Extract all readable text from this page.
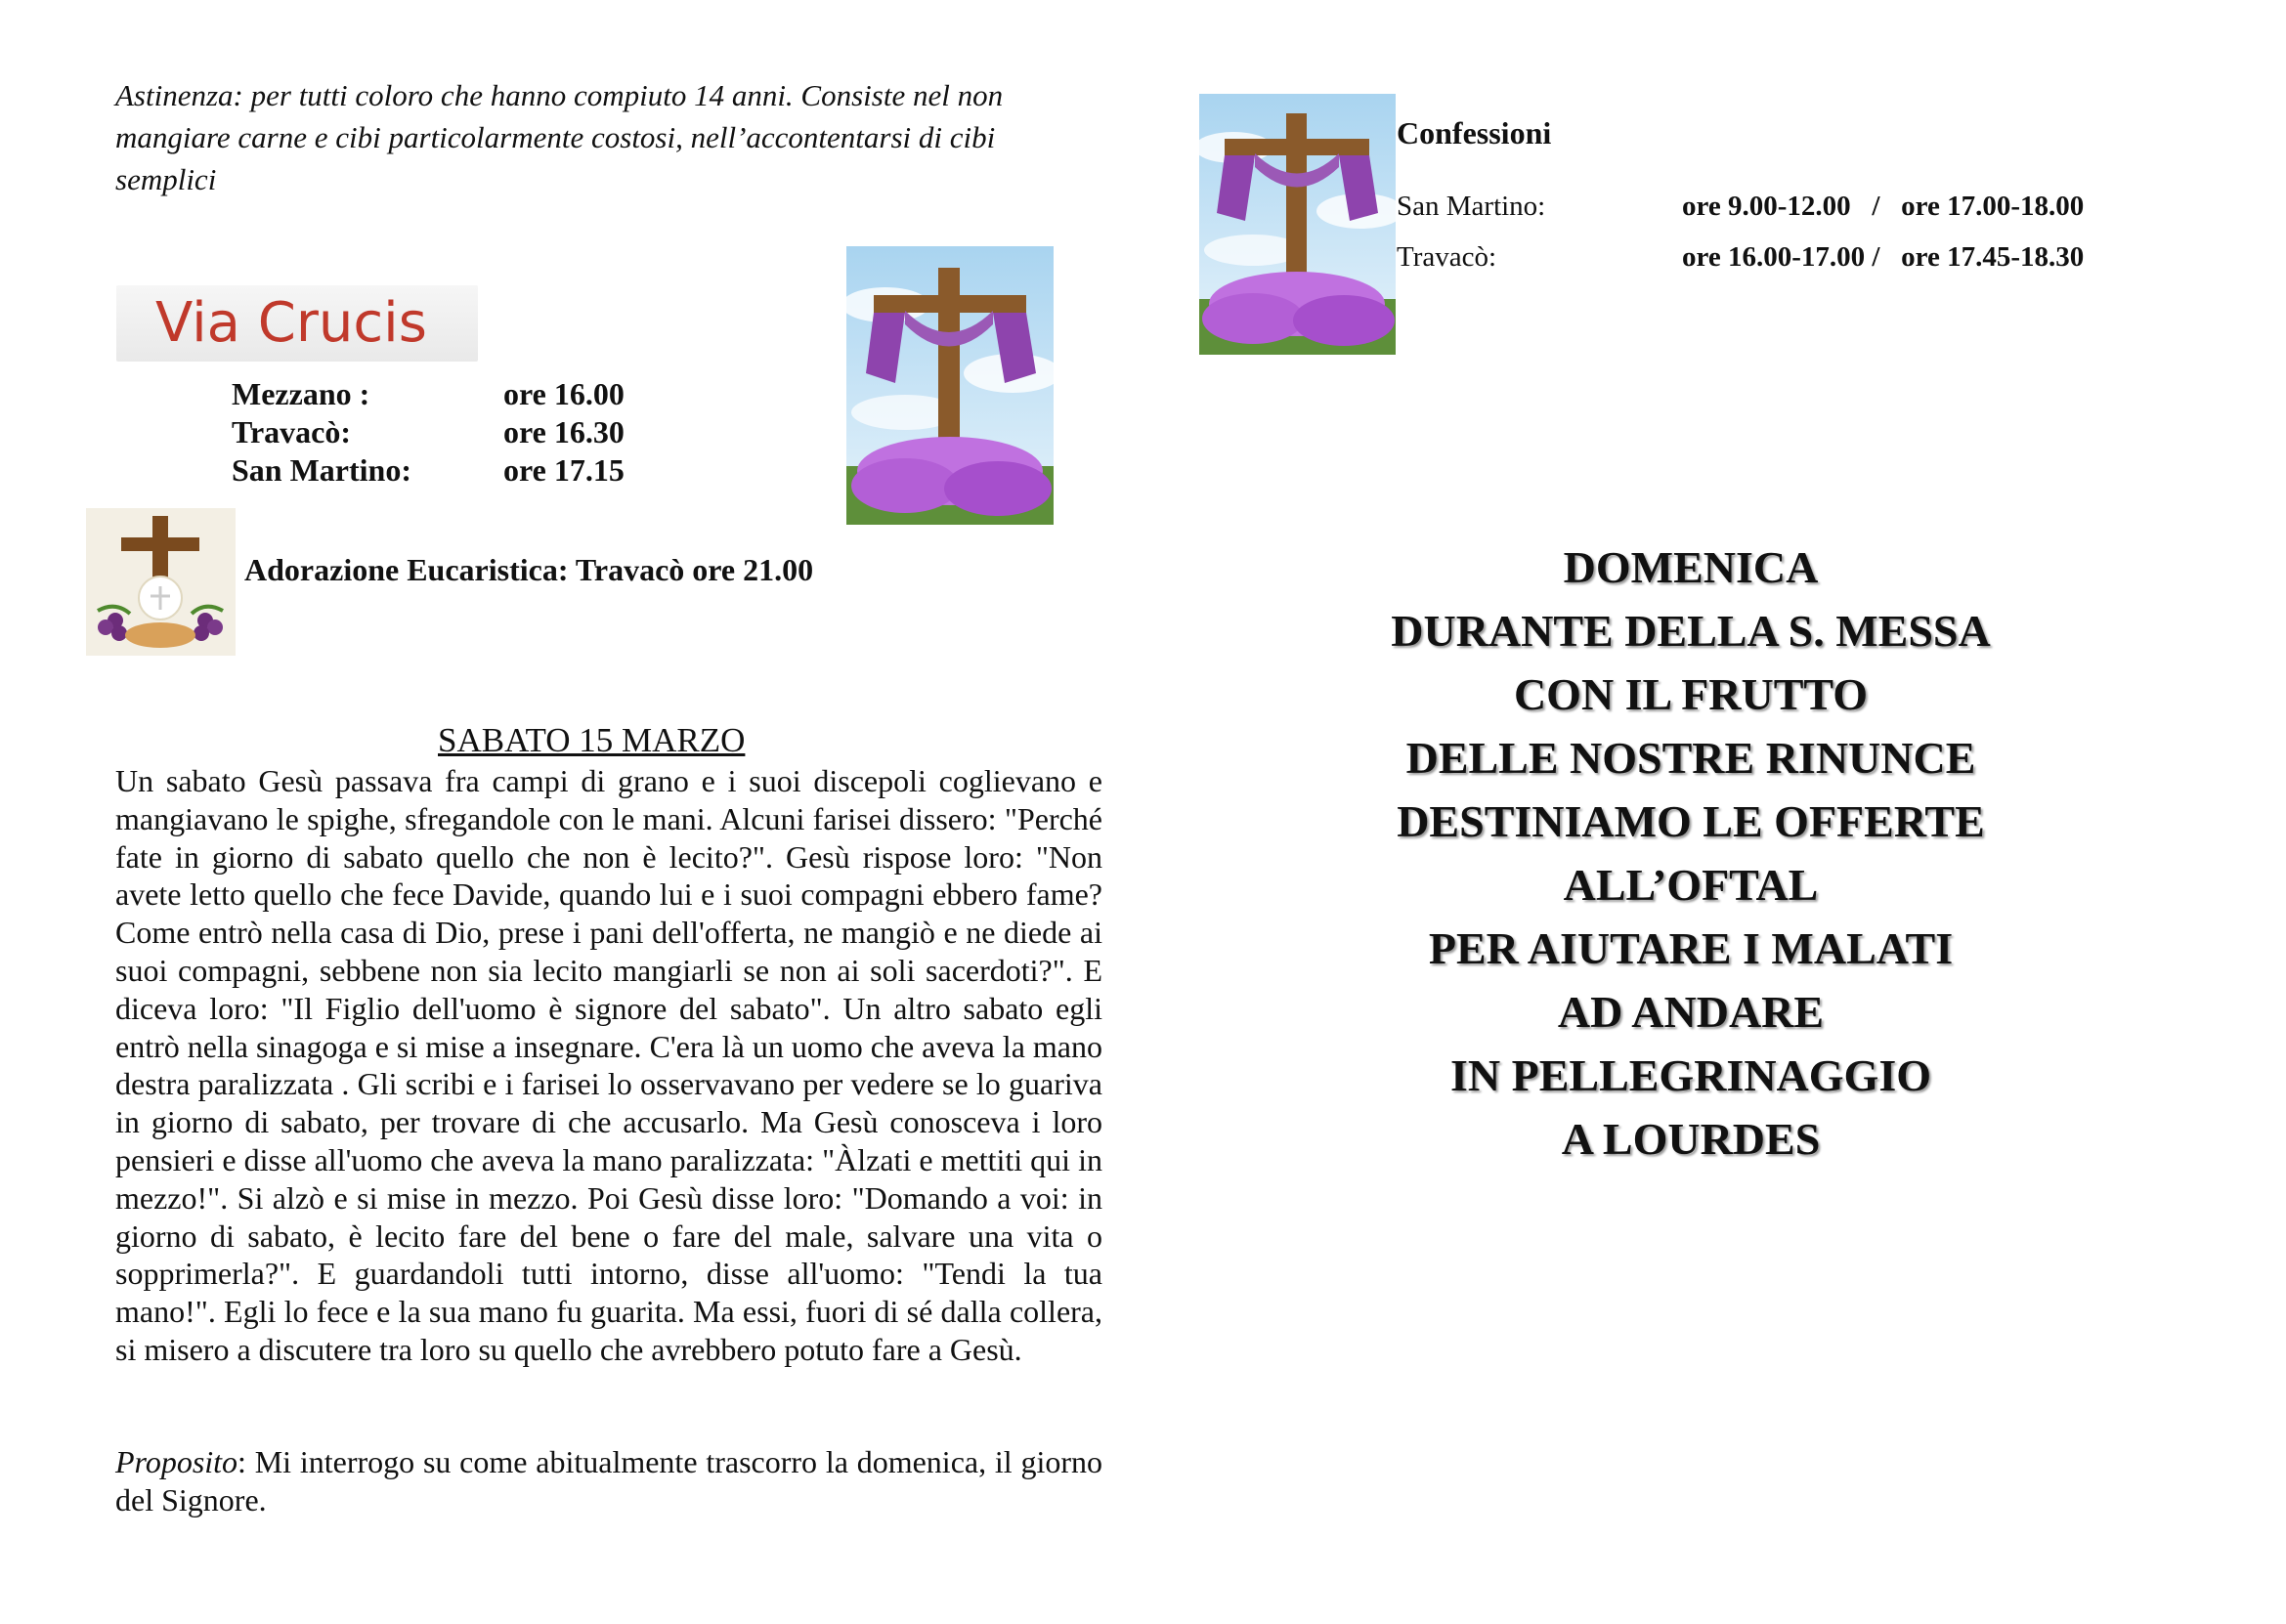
Astinenza: per tutti coloro che hanno compiuto 14 anni. Consiste nel non mangiare carne e cibi particolarmente costosi, nell’accontentarsi di cibi semplici
Via Crucis
Mezzano :	ore 16.00
Travacò:	ore 16.30
San Martino:	ore 17.15
Adorazione Eucaristica: Travacò ore 21.00
SABATO 15 MARZO
Un sabato Gesù passava fra campi di grano e i suoi discepoli coglievano e mangiavano le spighe, sfregandole con le mani. Alcuni farisei dissero: "Perché fate in giorno di sabato quello che non è lecito?". Gesù rispose loro: "Non avete letto quello che fece Davide, quando lui e i suoi compagni ebbero fame? Come entrò nella casa di Dio, prese i pani dell'offerta, ne mangiò e ne diede ai suoi compagni, sebbene non sia lecito mangiarli se non ai soli sacerdoti?". E diceva loro: "Il Figlio dell'uomo è signore del sabato". Un altro sabato egli entrò nella sinagoga e si mise a insegnare. C'era là un uomo che aveva la mano destra paralizzata . Gli scribi e i farisei lo osservavano per vedere se lo guariva in giorno di sabato, per trovare di che accusarlo. Ma Gesù conosceva i loro pensieri e disse all'uomo che aveva la mano paralizzata: "Àlzati e mettiti qui in mezzo!". Si alzò e si mise in mezzo. Poi Gesù disse loro: "Domando a voi: in giorno di sabato, è lecito fare del bene o fare del male, salvare una vita o sopprimerla?". E guardandoli tutti intorno, disse all'uomo: "Tendi la tua mano!". Egli lo fece e la sua mano fu guarita. Ma essi, fuori di sé dalla collera, si misero a discutere tra loro su quello che avrebbero potuto fare a Gesù.
Proposito: Mi interrogo su come abitualmente trascorro la domenica, il giorno del Signore.
Confessioni
San Martino:	ore 9.00-12.00   /   ore 17.00-18.00
Travacò:	ore 16.00-17.00 /   ore 17.45-18.30
DOMENICA
DURANTE DELLA S. MESSA
CON IL FRUTTO
DELLE NOSTRE RINUNCE
DESTINIAMO LE OFFERTE
ALL’OFTAL
PER AIUTARE I MALATI
AD ANDARE
IN PELLEGRINAGGIO
A LOURDES
